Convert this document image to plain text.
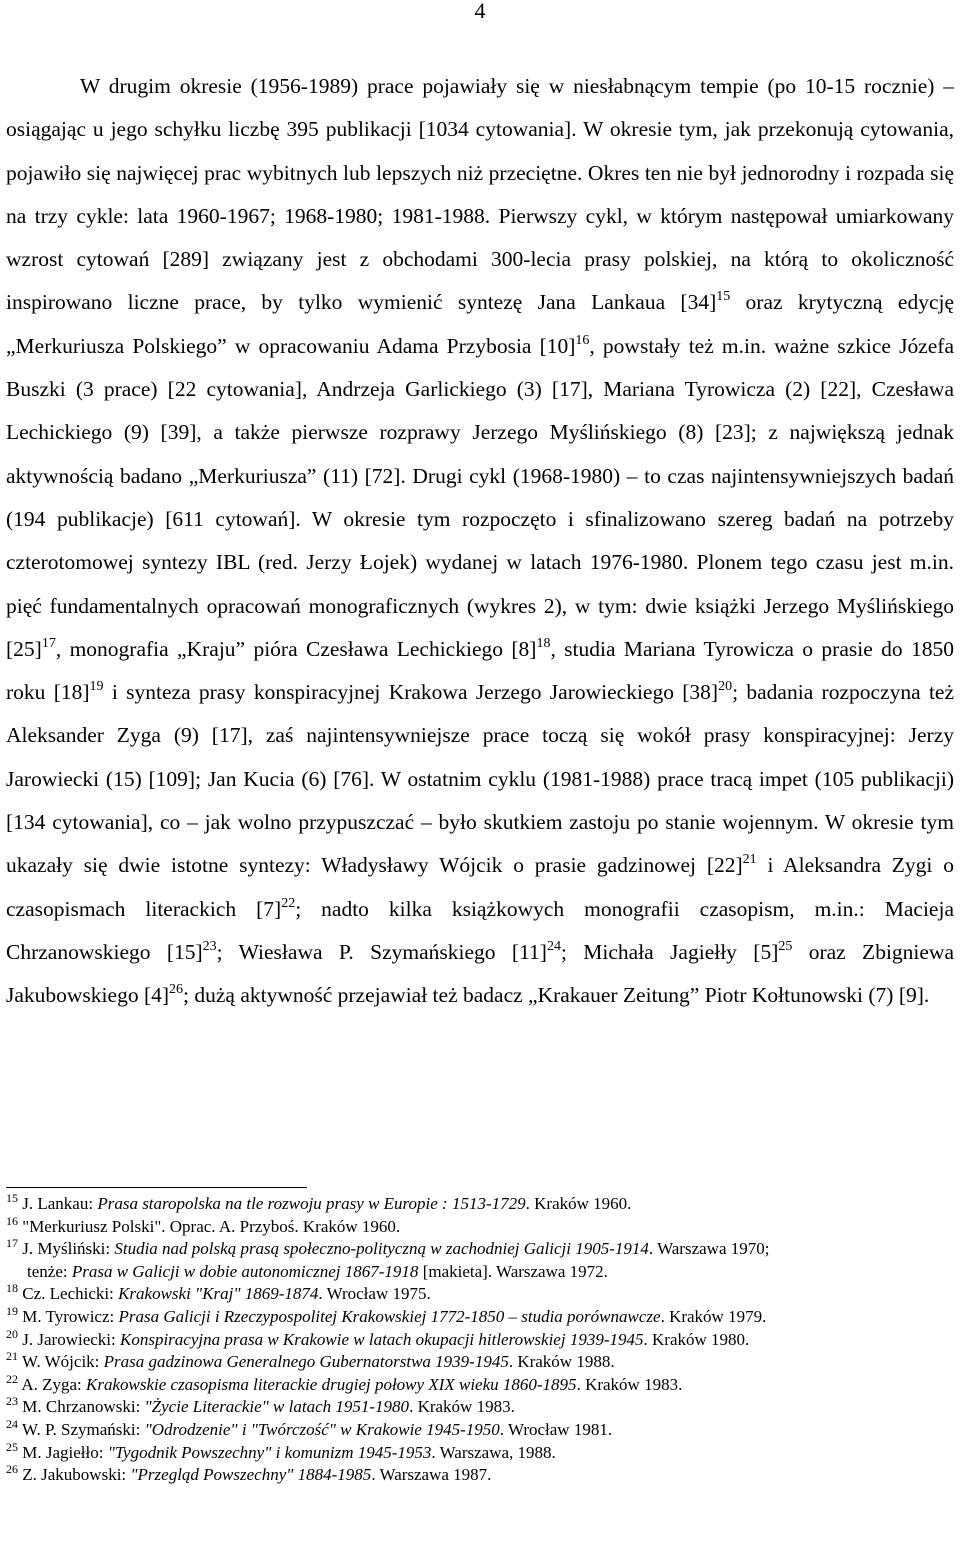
4
W drugim okresie (1956-1989) prace pojawiały się w niesłabnącym tempie (po 10-15 rocznie) – osiągając u jego schyłku liczbę 395 publikacji [1034 cytowania]. W okresie tym, jak przekonują cytowania, pojawiło się najwięcej prac wybitnych lub lepszych niż przeciętne. Okres ten nie był jednorodny i rozpada się na trzy cykle: lata 1960-1967; 1968-1980; 1981-1988. Pierwszy cykl, w którym następował umiarkowany wzrost cytowań [289] związany jest z obchodami 300-lecia prasy polskiej, na którą to okoliczność inspirowano liczne prace, by tylko wymienić syntezę Jana Lankaua $[34]^{15}$ oraz krytyczną edycję „Merkuriusza Polskiego” w opracowaniu Adama Przybosia $[10]^{16}$, powstały też m.in. ważne szkice Józefa Buszki (3 prace) [22 cytowania], Andrzeja Garlickiego (3) [17], Mariana Tyrowicza (2) [22], Czesława Lechickiego (9) [39], a także pierwsze rozprawy Jerzego Myślińskiego (8) [23]; z największą jednak aktywnością badano „Merkuriusza” (11) [72]. Drugi cykl (1968-1980) – to czas najintensywniejszych badań (194 publikacje) [611 cytowań]. W okresie tym rozpoczęto i sfinalizowano szereg badań na potrzeby czterotomowej syntezy IBL (red. Jerzy Łojek) wydanej w latach 1976-1980. Plonem tego czasu jest m.in. pięć fundamentalnych opracowań monograficznych (wykres 2), w tym: dwie książki Jerzego Myślińskiego $[25]^{17}$, monografia „Kraju” pióra Czesława Lechickiego $[8]^{18}$, studia Mariana Tyrowicza o prasie do 1850 roku $[18]^{19}$ i synteza prasy konspiracyjnej Krakowa Jerzego Jarowieckiego $[38]^{20}$; badania rozpoczyna też Aleksander Zyga (9) [17], zaś najintensywniejsze prace toczą się wokół prasy konspiracyjnej: Jerzy Jarowiecki (15) [109]; Jan Kucia (6) [76]. W ostatnim cyklu (1981-1988) prace tracą impet (105 publikacji) [134 cytowania], co – jak wolno przypuszczać – było skutkiem zastoju po stanie wojennym. W okresie tym ukazały się dwie istotne syntezy: Władysławy Wójcik o prasie gadzinowej $[22]^{21}$ i Aleksandra Zygi o czasopismach literackich $[7]^{22}$; nadto kilka książkowych monografii czasopism, m.in.: Macieja Chrzanowskiego $[15]^{23}$; Wiesława P. Szymańskiego $[11]^{24}$; Michała Jagiełły $[5]^{25}$ oraz Zbigniewa Jakubowskiego $[4]^{26}$; dużą aktywność przejawiał też badacz „Krakauer Zeitung” Piotr Kołtunowski (7) [9].
$^{15}$ J. Lankau: Prasa staropolska na tle rozwoju prasy w Europie : 1513-1729. Kraków 1960.
$^{16}$ "Merkuriusz Polski". Oprac. A. Przyboś. Kraków 1960.
$^{17}$ J. Myśliński: Studia nad polską prasą społeczno-polityczną w zachodniej Galicji 1905-1914. Warszawa 1970;
tenże: Prasa w Galicji w dobie autonomicznej 1867-1918 [makieta]. Warszawa 1972.
$^{18}$ Cz. Lechicki: Krakowski "Kraj" 1869-1874. Wrocław 1975.
$^{19}$ M. Tyrowicz: Prasa Galicji i Rzeczypospolitej Krakowskiej 1772-1850 – studia porównawcze. Kraków 1979.
$^{20}$ J. Jarowiecki: Konspiracyjna prasa w Krakowie w latach okupacji hitlerowskiej 1939-1945. Kraków 1980.
$^{21}$ W. Wójcik: Prasa gadzinowa Generalnego Gubernatorstwa 1939-1945. Kraków 1988.
$^{22}$ A. Zyga: Krakowskie czasopisma literackie drugiej połowy XIX wieku 1860-1895. Kraków 1983.
$^{23}$ M. Chrzanowski: "Życie Literackie" w latach 1951-1980. Kraków 1983.
$^{24}$ W. P. Szymański: "Odrodzenie" i "Twórczość" w Krakowie 1945-1950. Wrocław 1981.
$^{25}$ M. Jagiełło: "Tygodnik Powszechny" i komunizm 1945-1953. Warszawa, 1988.
$^{26}$ Z. Jakubowski: "Przegląd Powszechny" 1884-1985. Warszawa 1987.
